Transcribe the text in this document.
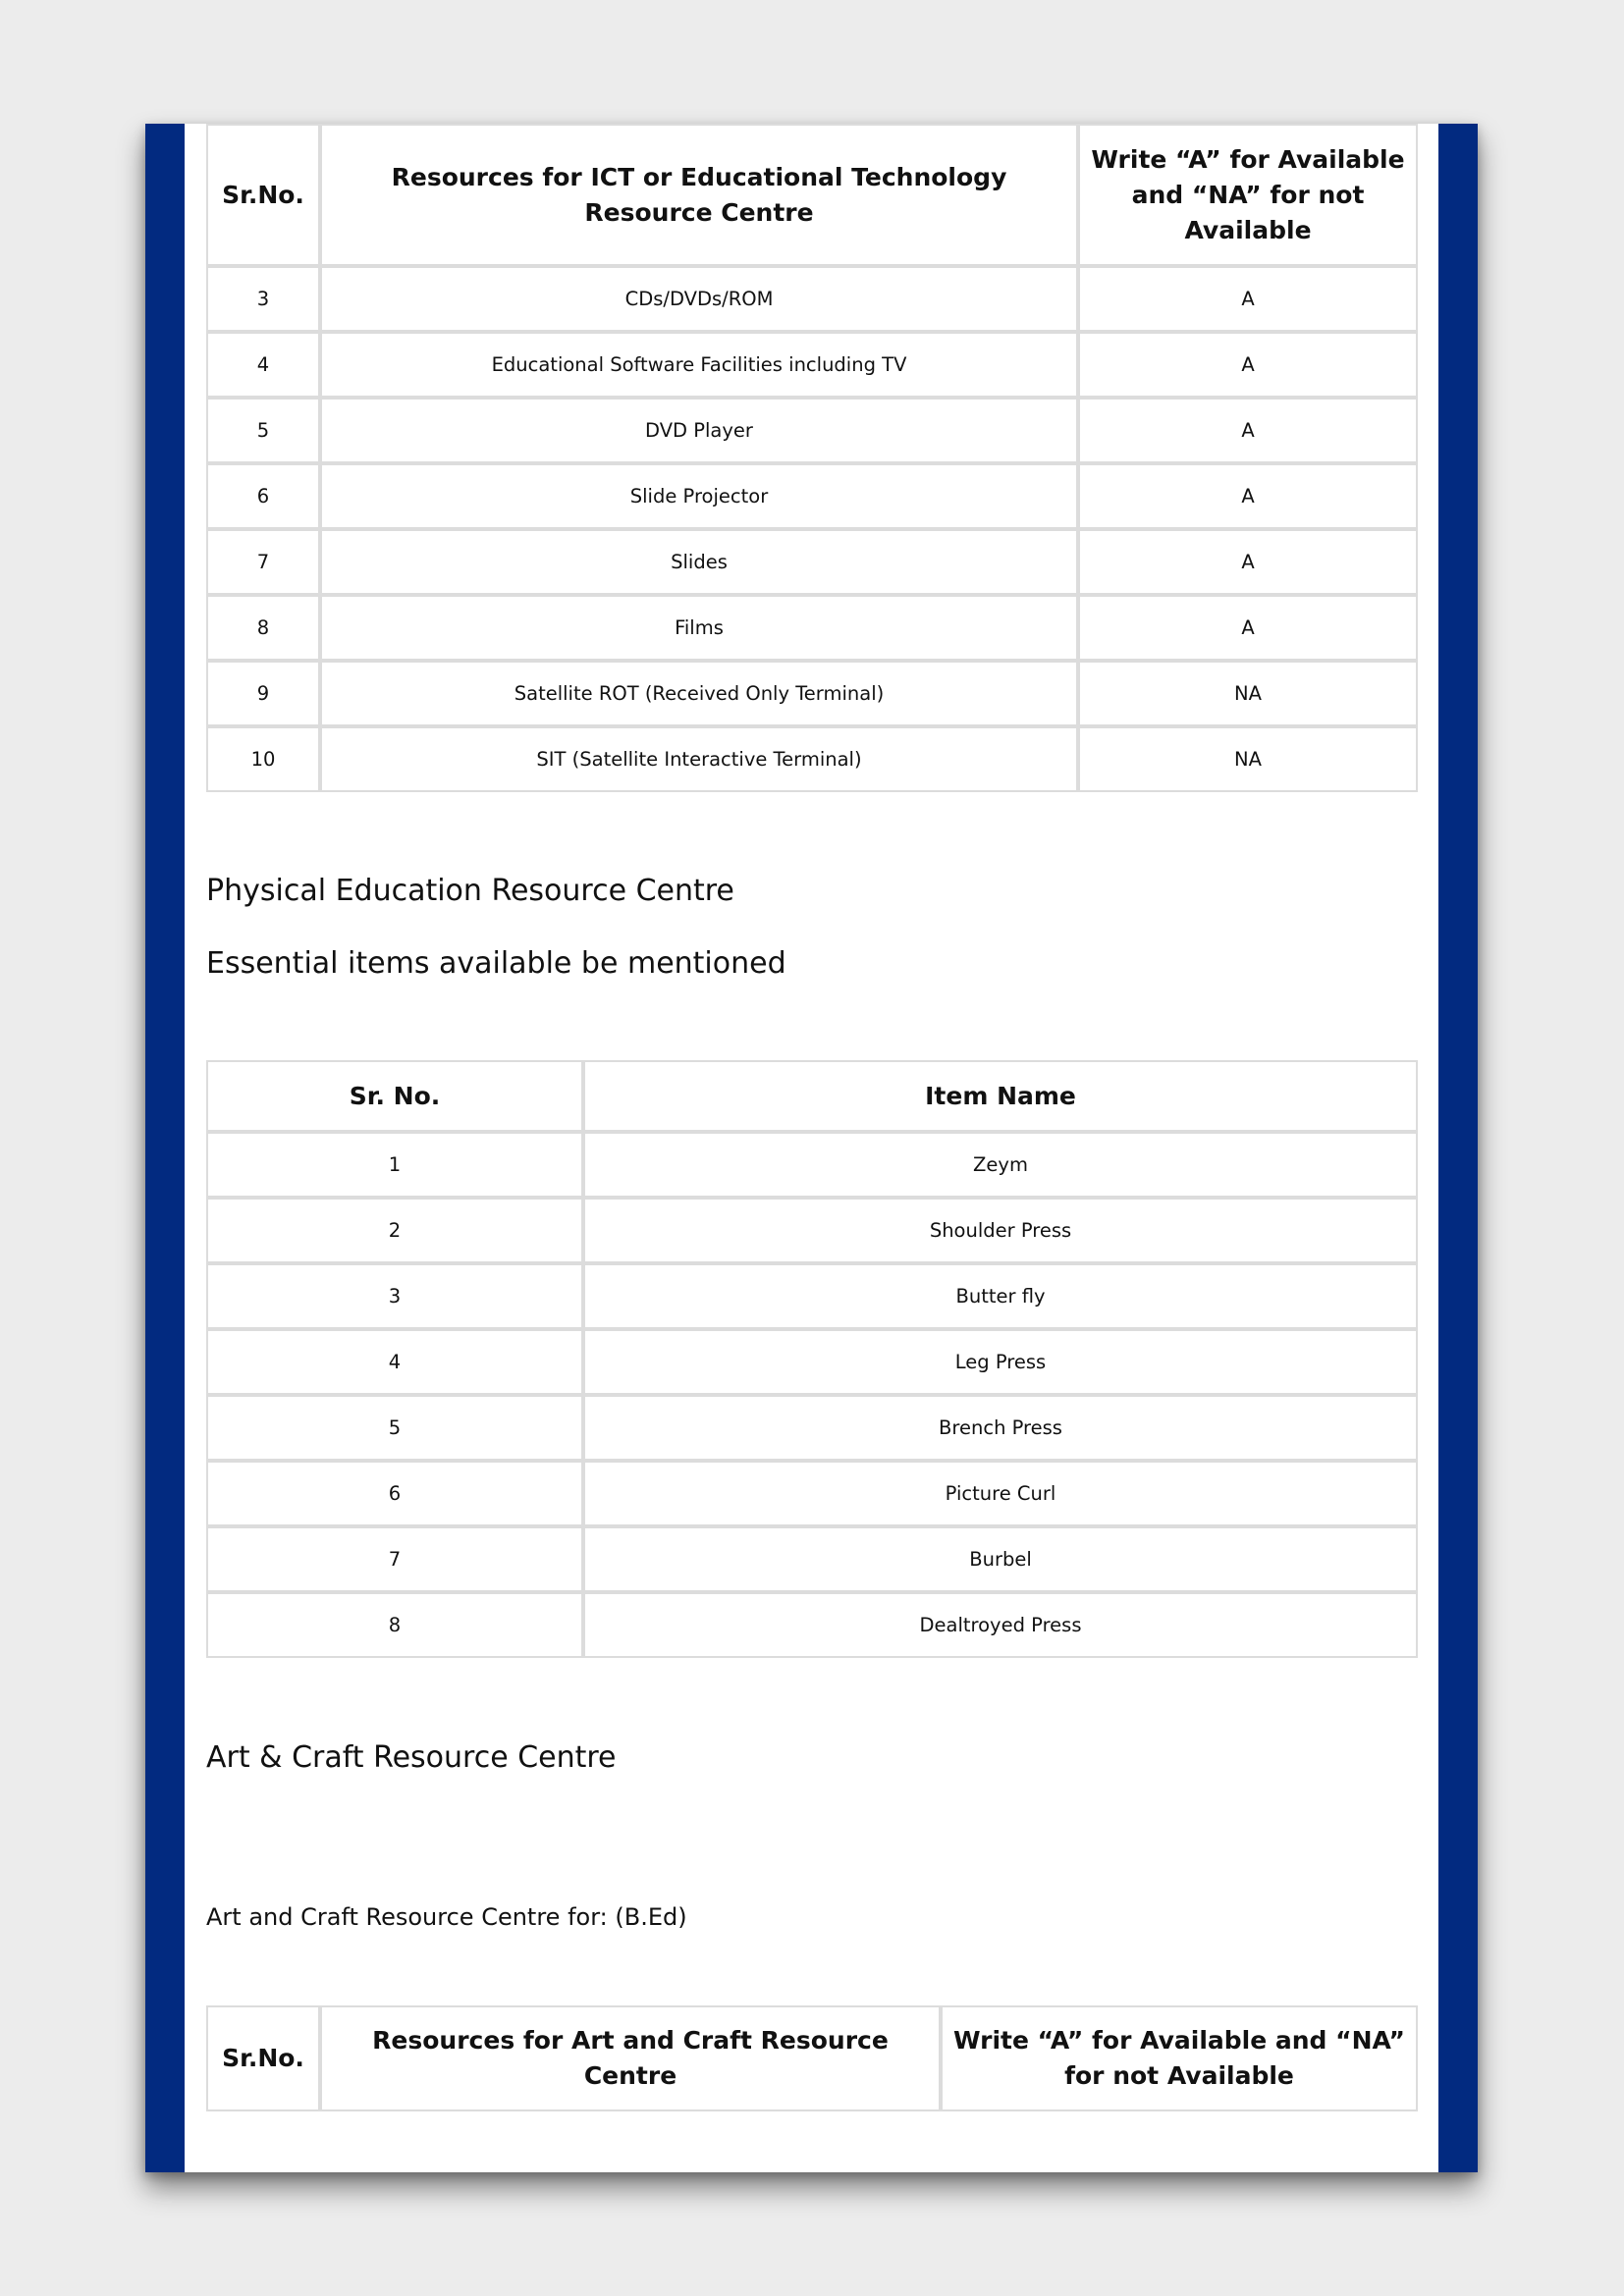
Sr.No.	Resources for ICT or Educational Technology Resource Centre	Write “A” for Available and “NA” for not Available
3	CDs/DVDs/ROM	A
4	Educational Software Facilities including TV	A
5	DVD Player	A
6	Slide Projector	A
7	Slides	A
8	Films	A
9	Satellite ROT (Received Only Terminal)	NA
10	SIT (Satellite Interactive Terminal)	NA

Physical Education Resource Centre

Essential items available be mentioned

Sr. No.	Item Name
1	Zeym
2	Shoulder Press
3	Butter fly
4	Leg Press
5	Brench Press
6	Picture Curl
7	Burbel
8	Dealtroyed Press

Art & Craft Resource Centre

Art and Craft Resource Centre for: (B.Ed)

Sr.No.	Resources for Art and Craft Resource Centre	Write “A” for Available and “NA” for not Available
